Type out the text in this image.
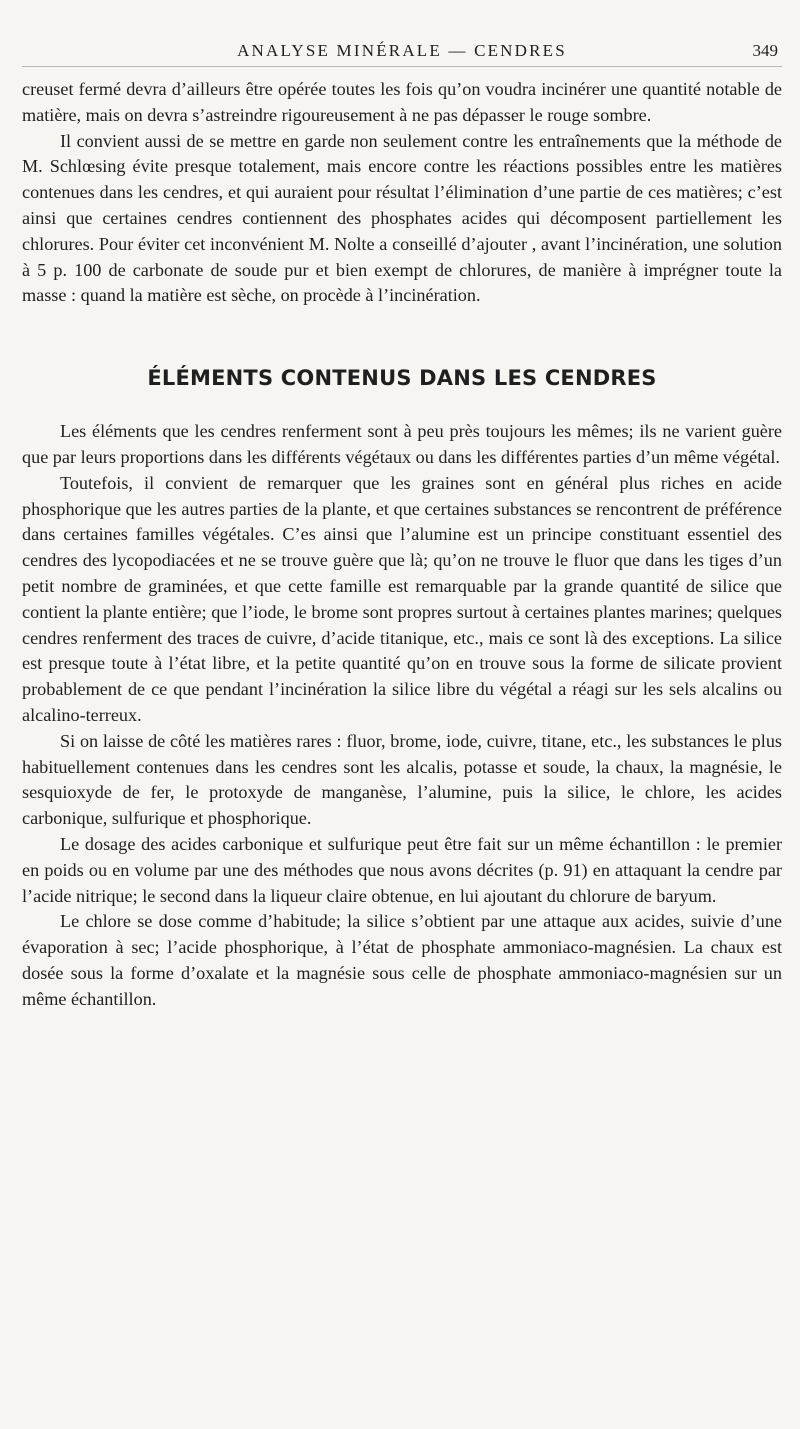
ANALYSE MINÉRALE — CENDRES	349

creuset fermé devra d’ailleurs être opérée toutes les fois qu’on voudra incinérer une quantité notable de matière, mais on devra s’astreindre rigoureusement à ne pas dépasser le rouge sombre.

Il convient aussi de se mettre en garde non seulement contre les entraînements que la méthode de M. Schlœsing évite presque totalement, mais encore contre les réactions possibles entre les matières contenues dans les cendres, et qui auraient pour résultat l’élimination d’une partie de ces matières; c’est ainsi que certaines cendres contiennent des phosphates acides qui décomposent partiellement les chlorures. Pour éviter cet inconvénient M. Nolte a conseillé d’ajouter , avant l’incinération, une solution à 5 p. 100 de carbonate de soude pur et bien exempt de chlorures, de manière à imprégner toute la masse : quand la matière est sèche, on procède à l’incinération.

ÉLÉMENTS CONTENUS DANS LES CENDRES

Les éléments que les cendres renferment sont à peu près toujours les mêmes; ils ne varient guère que par leurs proportions dans les différents végétaux ou dans les différentes parties d’un même végétal.

Toutefois, il convient de remarquer que les graines sont en général plus riches en acide phosphorique que les autres parties de la plante, et que certaines substances se rencontrent de préférence dans certaines familles végétales. C’es ainsi que l’alumine est un principe constituant essentiel des cendres des lycopodiacées et ne se trouve guère que là; qu’on ne trouve le fluor que dans les tiges d’un petit nombre de graminées, et que cette famille est remarquable par la grande quantité de silice que contient la plante entière; que l’iode, le brome sont propres surtout à certaines plantes marines; quelques cendres renferment des traces de cuivre, d’acide titanique, etc., mais ce sont là des exceptions. La silice est presque toute à l’état libre, et la petite quantité qu’on en trouve sous la forme de silicate provient probablement de ce que pendant l’incinération la silice libre du végétal a réagi sur les sels alcalins ou alcalino-terreux.

Si on laisse de côté les matières rares : fluor, brome, iode, cuivre, titane, etc., les substances le plus habituellement contenues dans les cendres sont les alcalis, potasse et soude, la chaux, la magnésie, le sesquioxyde de fer, le protoxyde de manganèse, l’alumine, puis la silice, le chlore, les acides carbonique, sulfurique et phosphorique.

Le dosage des acides carbonique et sulfurique peut être fait sur un même échantillon : le premier en poids ou en volume par une des méthodes que nous avons décrites (p. 91) en attaquant la cendre par l’acide nitrique; le second dans la liqueur claire obtenue, en lui ajoutant du chlorure de baryum.

Le chlore se dose comme d’habitude; la silice s’obtient par une attaque aux acides, suivie d’une évaporation à sec; l’acide phosphorique, à l’état de phosphate ammoniaco-magnésien. La chaux est dosée sous la forme d’oxalate et la magnésie sous celle de phosphate ammoniaco-magnésien sur un même échantillon.
